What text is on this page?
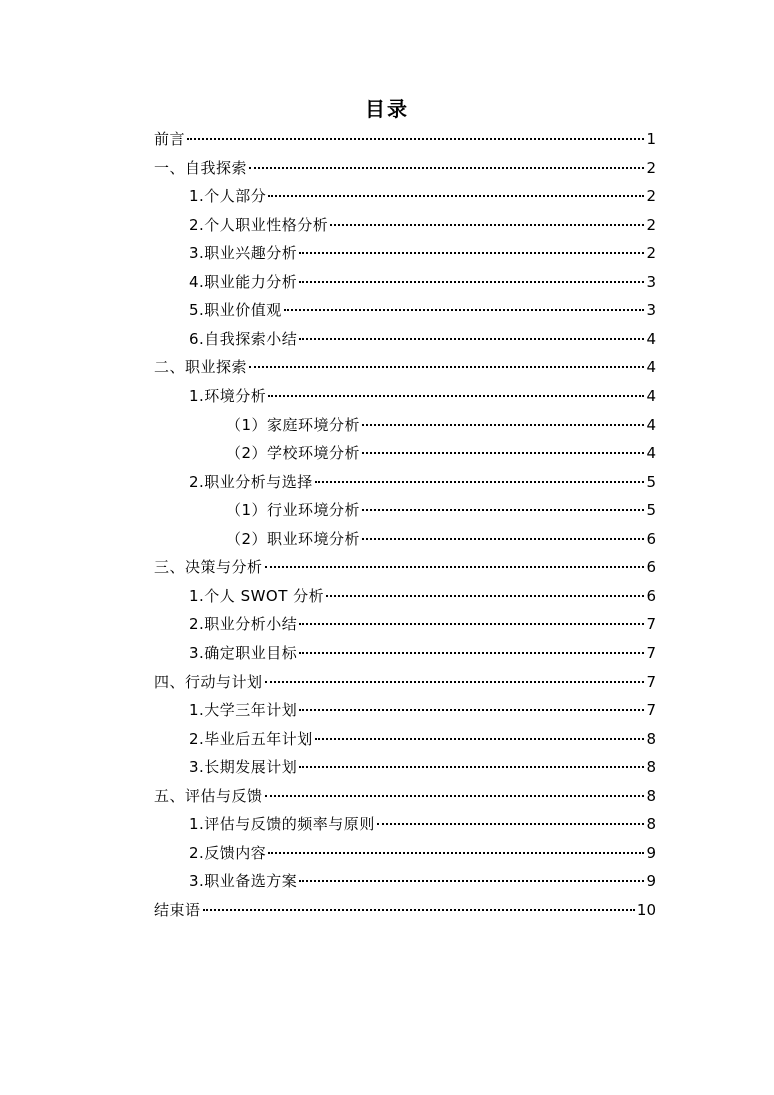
目录
前言	1
一、自我探索	2
1.个人部分	2
2.个人职业性格分析	2
3.职业兴趣分析	2
4.职业能力分析	3
5.职业价值观	3
6.自我探索小结	4
二、职业探索	4
1.环境分析	4
（1）家庭环境分析	4
（2）学校环境分析	4
2.职业分析与选择	5
（1）行业环境分析	5
（2）职业环境分析	6
三、决策与分析	6
1.个人 SWOT 分析	6
2.职业分析小结	7
3.确定职业目标	7
四、行动与计划	7
1.大学三年计划	7
2.毕业后五年计划	8
3.长期发展计划	8
五、评估与反馈	8
1.评估与反馈的频率与原则	8
2.反馈内容	9
3.职业备选方案	9
结束语	10
